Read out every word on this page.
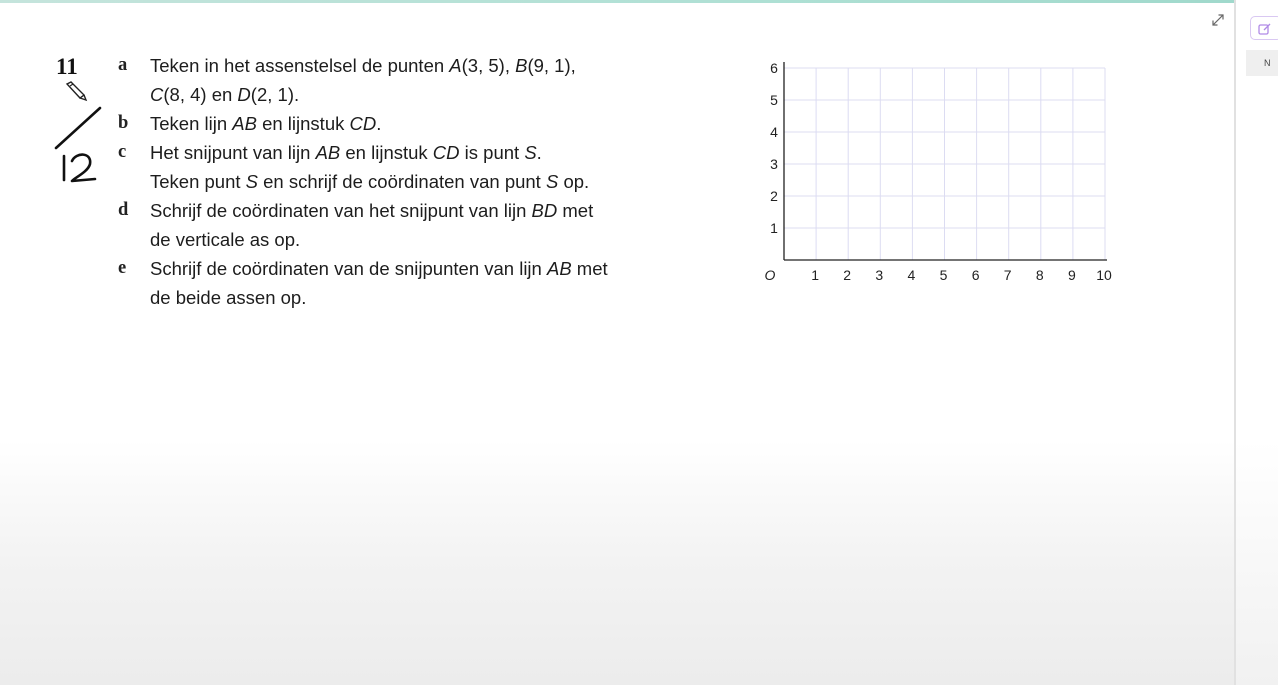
N
11
12
a Teken in het assenstelsel de punten A(3, 5), B(9, 1),
C(8, 4) en D(2, 1).
b Teken lijn AB en lijnstuk CD.
c Het snijpunt van lijn AB en lijnstuk CD is punt S.
Teken punt S en schrijf de coördinaten van punt S op.
d Schrijf de coördinaten van het snijpunt van lijn BD met
de verticale as op.
e Schrijf de coördinaten van de snijpunten van lijn AB met
de beide assen op.
1 2 3 4 5 6 7 8 9 10
1
2
3
4
5
6
O
